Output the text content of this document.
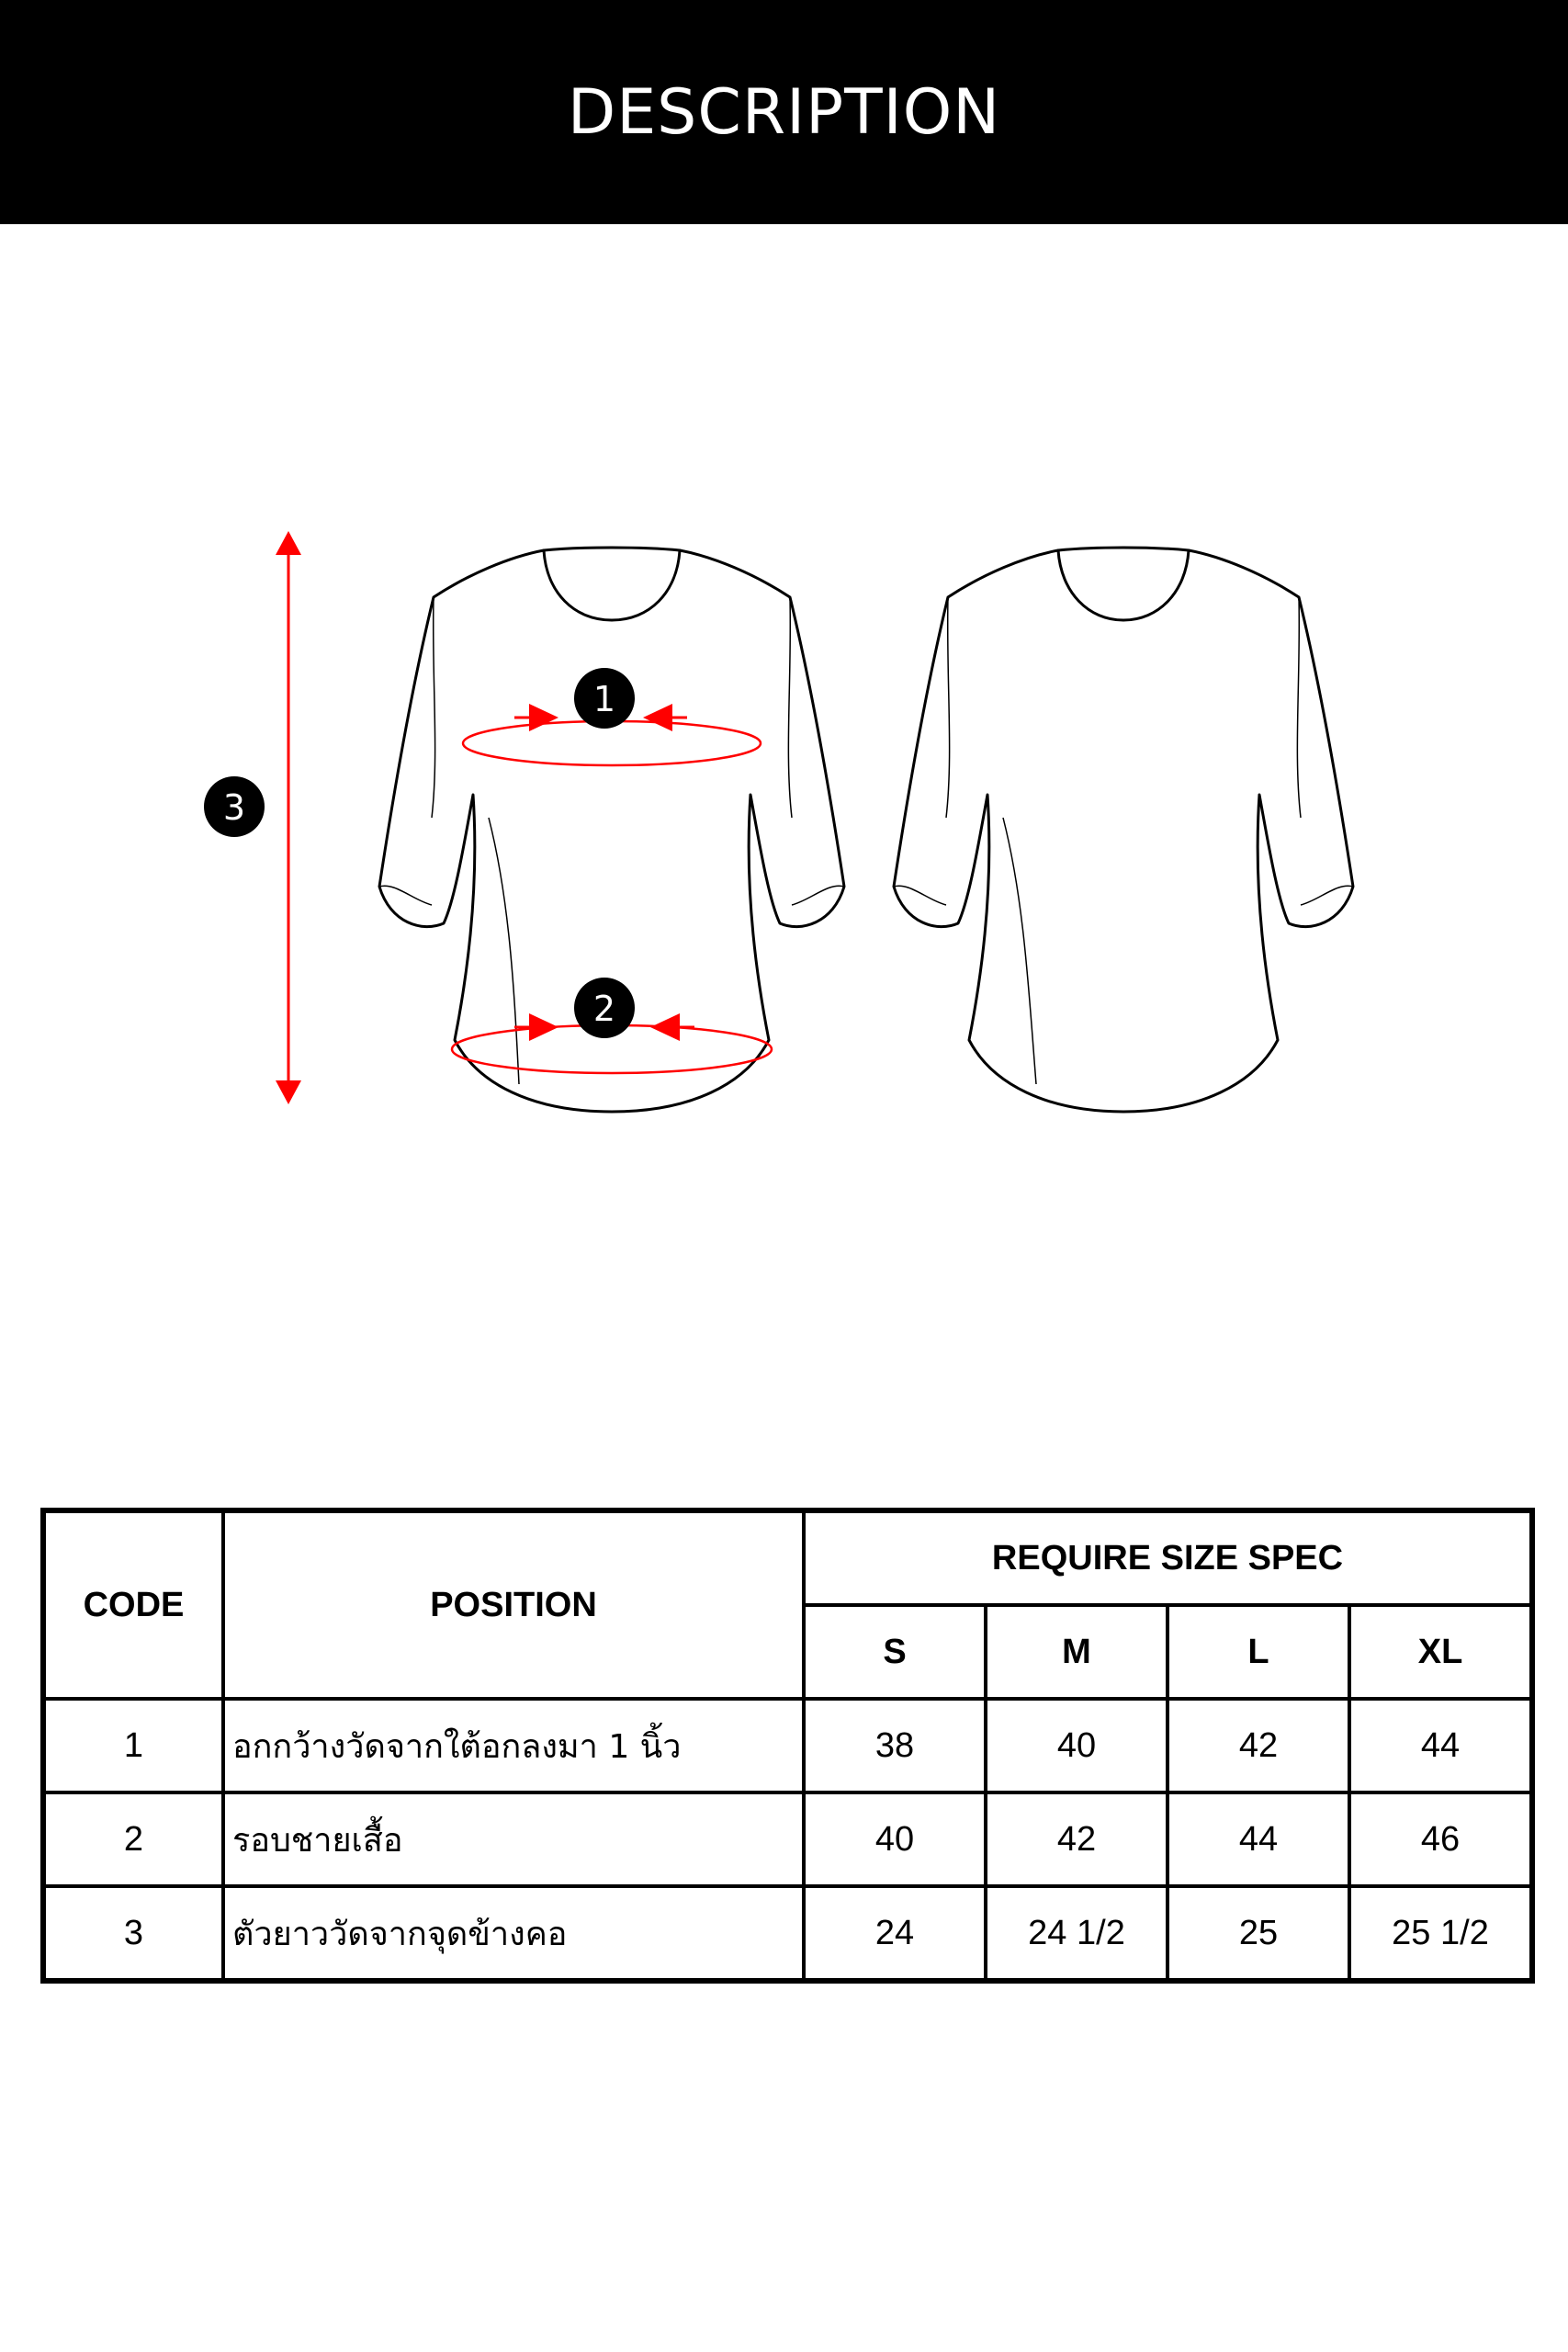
DESCRIPTION
3
1
2
CODE	POSITION	REQUIRE SIZE SPEC			
		S	M	L	XL
1	อกกว้างวัดจากใต้อกลงมา 1 นิ้ว	38	40	42	44
2	รอบชายเสื้อ	40	42	44	46
3	ตัวยาววัดจากจุดข้างคอ	24	24 1/2	25	25 1/2
